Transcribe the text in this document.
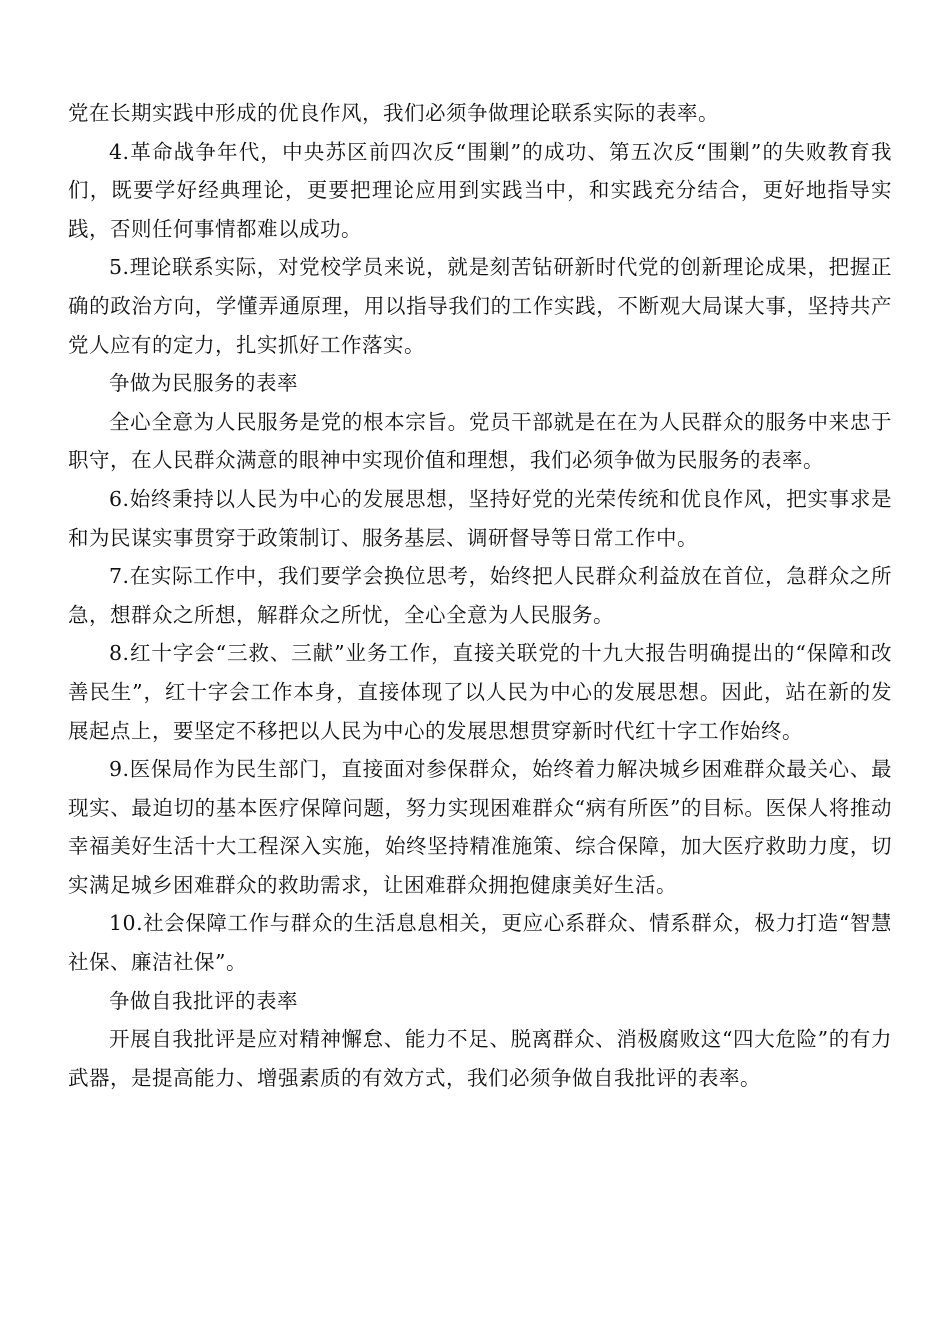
党在长期实践中形成的优良作风，我们必须争做理论联系实际的表率。

4.革命战争年代，中央苏区前四次反“围剿”的成功、第五次反“围剿”的失败教育我们，既要学好经典理论，更要把理论应用到实践当中，和实践充分结合，更好地指导实践，否则任何事情都难以成功。

5.理论联系实际，对党校学员来说，就是刻苦钻研新时代党的创新理论成果，把握正确的政治方向，学懂弄通原理，用以指导我们的工作实践，不断观大局谋大事，坚持共产党人应有的定力，扎实抓好工作落实。

争做为民服务的表率

全心全意为人民服务是党的根本宗旨。党员干部就是在在为人民群众的服务中来忠于职守，在人民群众满意的眼神中实现价值和理想，我们必须争做为民服务的表率。

6.始终秉持以人民为中心的发展思想，坚持好党的光荣传统和优良作风，把实事求是和为民谋实事贯穿于政策制订、服务基层、调研督导等日常工作中。

7.在实际工作中，我们要学会换位思考，始终把人民群众利益放在首位，急群众之所急，想群众之所想，解群众之所忧，全心全意为人民服务。

8.红十字会“三救、三献”业务工作，直接关联党的十九大报告明确提出的“保障和改善民生”，红十字会工作本身，直接体现了以人民为中心的发展思想。因此，站在新的发展起点上，要坚定不移把以人民为中心的发展思想贯穿新时代红十字工作始终。

9.医保局作为民生部门，直接面对参保群众，始终着力解决城乡困难群众最关心、最现实、最迫切的基本医疗保障问题，努力实现困难群众“病有所医”的目标。医保人将推动幸福美好生活十大工程深入实施，始终坚持精准施策、综合保障，加大医疗救助力度，切实满足城乡困难群众的救助需求，让困难群众拥抱健康美好生活。

10.社会保障工作与群众的生活息息相关，更应心系群众、情系群众，极力打造“智慧社保、廉洁社保”。

争做自我批评的表率

开展自我批评是应对精神懈怠、能力不足、脱离群众、消极腐败这“四大危险”的有力武器，是提高能力、增强素质的有效方式，我们必须争做自我批评的表率。
